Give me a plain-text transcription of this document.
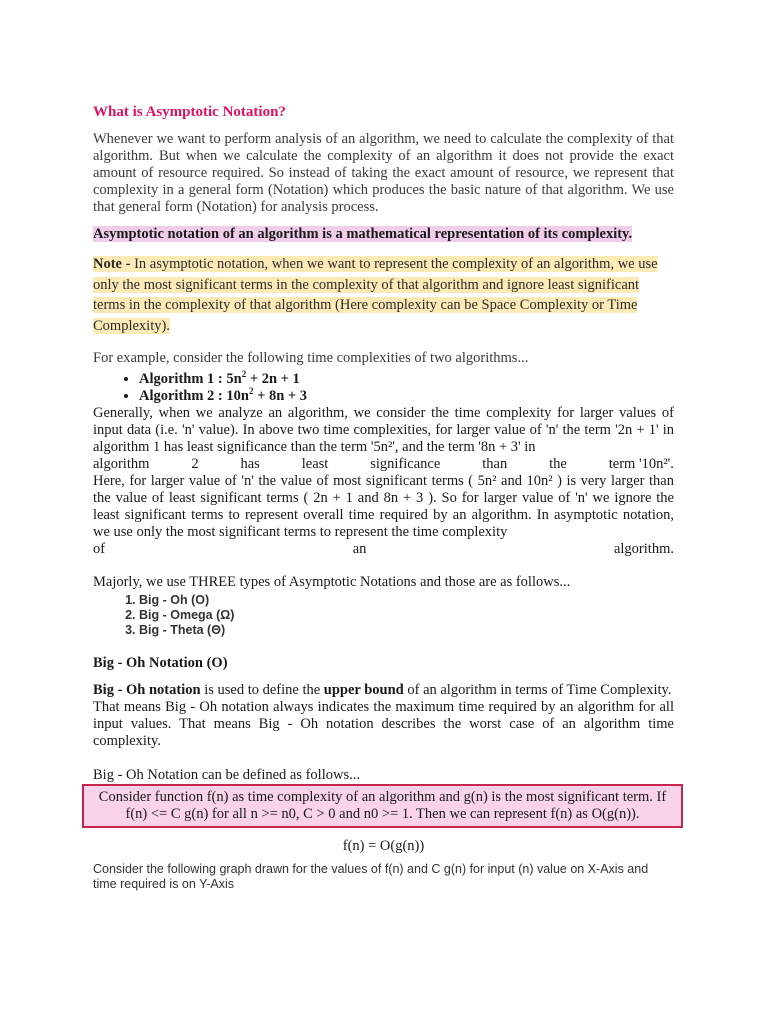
What is Asymptotic Notation?

Whenever we want to perform analysis of an algorithm, we need to calculate the complexity of that algorithm. But when we calculate the complexity of an algorithm it does not provide the exact amount of resource required. So instead of taking the exact amount of resource, we represent that complexity in a general form (Notation) which produces the basic nature of that algorithm. We use that general form (Notation) for analysis process.

Asymptotic notation of an algorithm is a mathematical representation of its complexity.
Note - In asymptotic notation, when we want to represent the complexity of an algorithm, we use only the most significant terms in the complexity of that algorithm and ignore least significant terms in the complexity of that algorithm (Here complexity can be Space Complexity or Time Complexity).

For example, consider the following time complexities of two algorithms...

• Algorithm 1 : $5n^2 + 2n + 1$
• Algorithm 2 : $10n^2 + 8n + 3$

Generally, when we analyze an algorithm, we consider the time complexity for larger values of input data (i.e. 'n' value). In above two time complexities, for larger value of 'n' the term '2n + 1' in algorithm 1 has least significance than the term '5n²', and the term '8n + 3' in

algorithm	2	has	least	significance	than	the	term '10n²'.

Here, for larger value of 'n' the value of most significant terms ( 5n² and 10n² ) is very larger than the value of least significant terms ( 2n + 1 and 8n + 3 ). So for larger value of 'n' we ignore the least significant terms to represent overall time required by an algorithm. In asymptotic notation, we use only the most significant terms to represent the time complexity

of	an	algorithm.

Majorly, we use THREE types of Asymptotic Notations and those are as follows...

1. Big - Oh (O)
2. Big - Omega (Ω)
3. Big - Theta (Θ)

Big - Oh Notation (O)

Big - Oh notation is used to define the upper bound of an algorithm in terms of Time Complexity.

That means Big - Oh notation always indicates the maximum time required by an algorithm for all input values. That means Big - Oh notation describes the worst case of an algorithm time complexity.

Big - Oh Notation can be defined as follows...

Consider function f(n) as time complexity of an algorithm and g(n) is the most significant term. If f(n) <= C g(n) for all n >= n0, C > 0 and n0 >= 1. Then we can represent f(n) as O(g(n)).

f(n) = O(g(n))

Consider the following graph drawn for the values of f(n) and C g(n) for input (n) value on X-Axis and time required is on Y-Axis
